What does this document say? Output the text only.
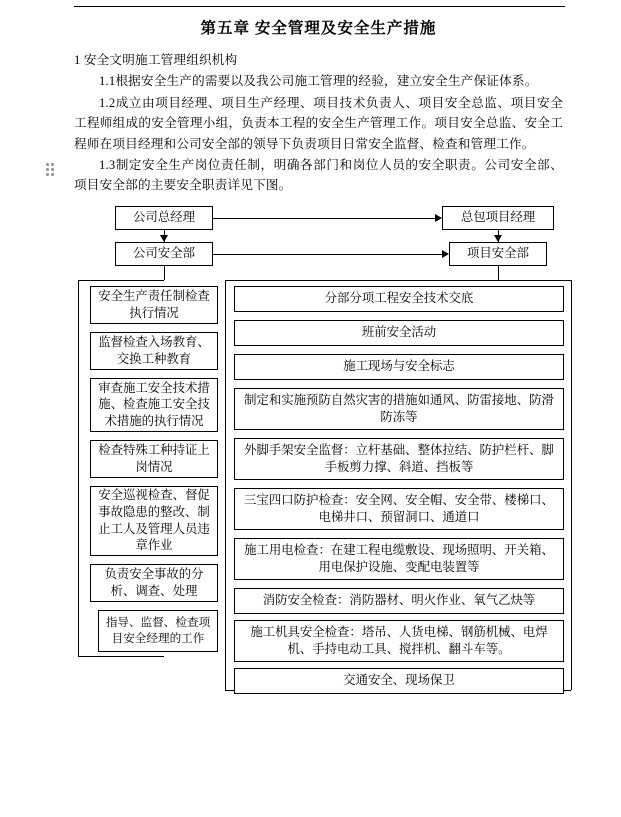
第五章 安全管理及安全生产措施

1 安全文明施工管理组织机构

1.1根据安全生产的需要以及我公司施工管理的经验，建立安全生产保证体系。

1.2成立由项目经理、项目生产经理、项目技术负责人、项目安全总监、项目安全工程师组成的安全管理小组，负责本工程的安全生产管理工作。项目安全总监、安全工程师在项目经理和公司安全部的领导下负责项目日常安全监督、检查和管理工作。

1.3制定安全生产岗位责任制，明确各部门和岗位人员的安全职责。公司安全部、项目安全部的主要安全职责详见下图。

公司总经理	总包项目经理
公司安全部	项目安全部
安全生产责任制检查执行情况
监督检查入场教育、交换工种教育
审查施工安全技术措施、检查施工安全技术措施的执行情况
检查特殊工种持证上岗情况
安全巡视检查、督促事故隐患的整改、制止工人及管理人员违章作业
负责安全事故的分析、调查、处理
指导、监督、检查项目安全经理的工作
分部分项工程安全技术交底
班前安全活动
施工现场与安全标志
制定和实施预防自然灾害的措施如通风、防雷接地、防滑防冻等
外脚手架安全监督：立杆基础、整体拉结、防护栏杆、脚手板剪力撑、斜道、挡板等
三宝四口防护检查：安全网、安全帽、安全带、楼梯口、电梯井口、预留洞口、通道口
施工用电检查：在建工程电缆敷设、现场照明、开关箱、用电保护设施、变配电装置等
消防安全检查：消防器材、明火作业、氧气乙炔等
施工机具安全检查：塔吊、人货电梯、钢筋机械、电焊机、手持电动工具、搅拌机、翻斗车等。
交通安全、现场保卫
